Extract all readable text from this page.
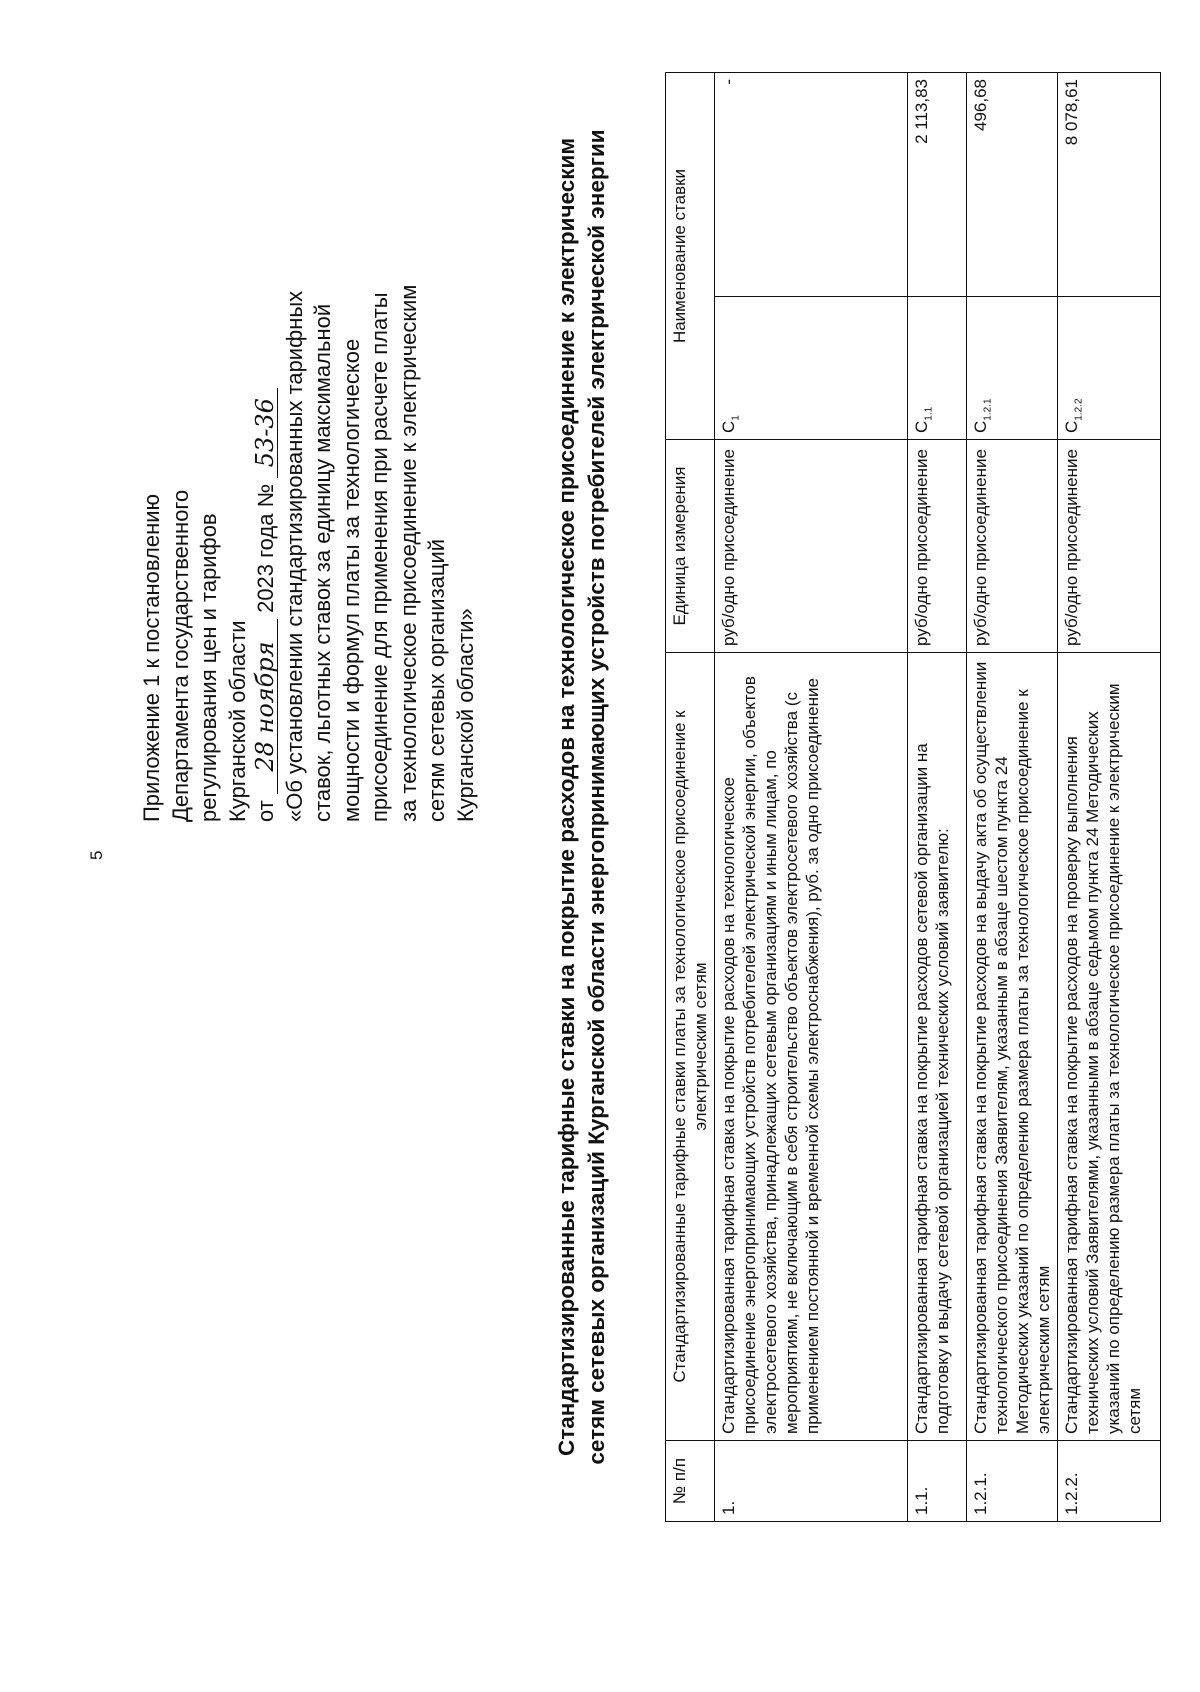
5
Приложение 1 к постановлению Департамента государственного регулирования цен и тарифов Курганской области от 28 ноября 2023 года № 53-36 «Об установлении стандартизированных тарифных ставок, льготных ставок за единицу максимальной мощности и формул платы за технологическое присоединение для применения при расчете платы за технологическое присоединение к электрическим сетям сетевых организаций Курганской области»	Стандартизированные тарифные ставки на покрытие расходов на технологическое присоединение к электрическим сетям сетевых организаций Курганской области энергопринимающих устройств потребителей электрической энергии
№ п/п	Стандартизированные тарифные ставки платы за технологическое присоединение к электрическим сетям	Единица измерения	Наименование ставки	
1.	Стандартизированная тарифная ставка на покрытие расходов на технологическое присоединение энергопринимающих устройств потребителей электрической энергии, объектов электросетевого хозяйства, принадлежащих сетевым организациям и иным лицам, по мероприятиям, не включающим в себя строительство объектов электросетевого хозяйства (с применением постоянной и временной схемы электроснабжения), руб. за одно присоединение	руб/одно присоединение	$C_1$	-
1.1.	Стандартизированная тарифная ставка на покрытие расходов сетевой организации на подготовку и выдачу сетевой организацией технических условий заявителю:	руб/одно присоединение	$C_{1.1}$	2 113,83
1.2.1.	Стандартизированная тарифная ставка на покрытие расходов на выдачу акта об осуществлении технологического присоединения Заявителям, указанным в абзаце шестом пункта 24 Методических указаний по определению размера платы за технологическое присоединение к электрическим сетям	руб/одно присоединение	$C_{1.2.1}$	496,68
1.2.2.	Стандартизированная тарифная ставка на покрытие расходов на проверку выполнения технических условий Заявителями, указанными в абзаце седьмом пункта 24 Методических указаний по определению размера платы за технологическое присоединение к электрическим сетям	руб/одно присоединение	$C_{1.2.2}$	8 078,61
